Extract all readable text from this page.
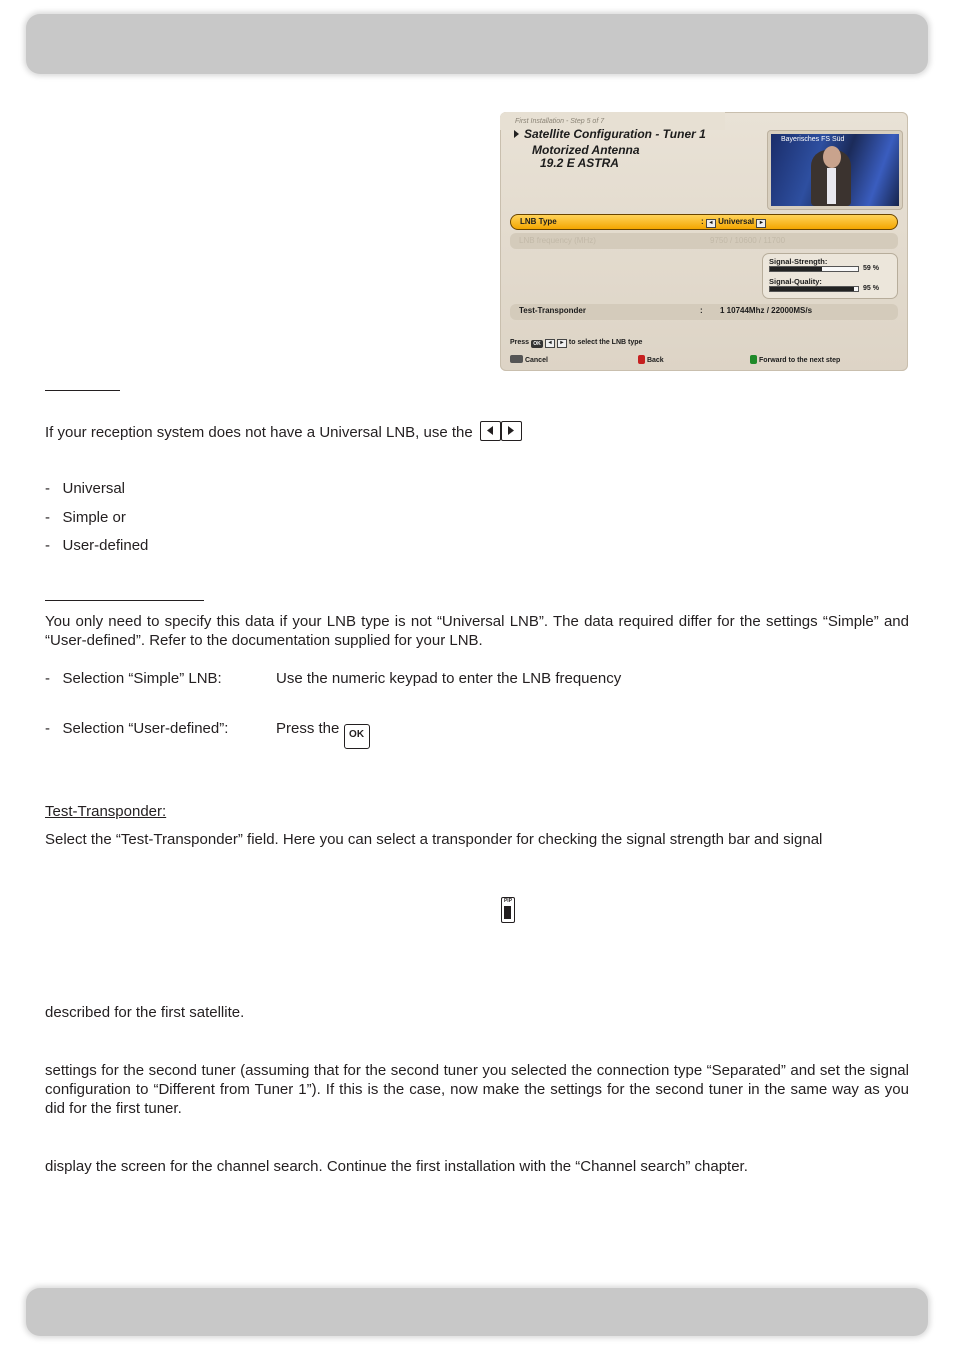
First Installation - Step 5 of 7
Satellite Configuration - Tuner 1
Motorized Antenna
19.2 E ASTRA
Bayerisches FS Süd
LNB Type	: ◂ Universal ▸
LNB frequency (MHz)	9750 / 10600 / 11700
Signal-Strength:
59 %
Signal-Quality:
95 %
Test-Transponder	: 1 10744Mhz / 22000MS/s
Press OK ◂ ▸ to select the LNB type
Cancel	Back	Forward to the next step
If your reception system does not have a Universal LNB, use the
-   Universal
-   Simple or
-   User-defined
You only need to specify this data if your LNB type is not “Universal LNB”. The data required differ for the settings “Simple” and “User-defined”. Refer to the documentation supplied for your LNB.
-   Selection “Simple” LNB:	Use the numeric keypad to enter the LNB frequency
-   Selection “User-defined”:	Press the OK
Test-Transponder:
Select the “Test-Transponder” field. Here you can select a transponder for checking the signal strength bar and signal
PIP
described for the first satellite.
settings for the second tuner (assuming that for the second tuner you selected the connection type “Separated” and set the signal configuration to “Different from Tuner 1”). If this is the case, now make the settings for the second tuner in the same way as you did for the first tuner.
display the screen for the channel search. Continue the first installation with the “Channel search” chapter.
